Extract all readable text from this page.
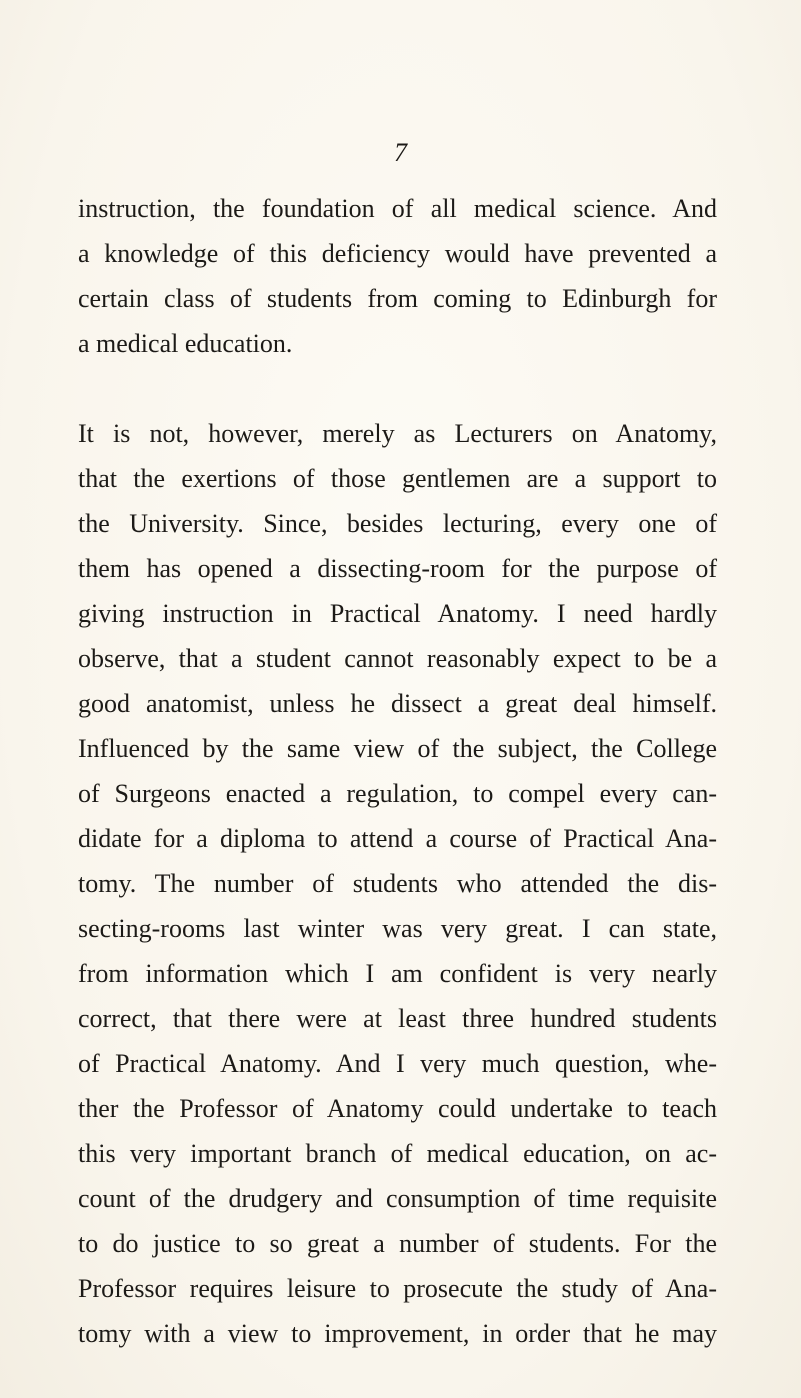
7
instruction, the foundation of all medical science. And
a knowledge of this deficiency would have prevented a
certain class of students from coming to Edinburgh for
a medical education.
It is not, however, merely as Lecturers on Anatomy,
that the exertions of those gentlemen are a support to
the University. Since, besides lecturing, every one of
them has opened a dissecting-room for the purpose of
giving instruction in Practical Anatomy. I need hardly
observe, that a student cannot reasonably expect to be a
good anatomist, unless he dissect a great deal himself.
Influenced by the same view of the subject, the College
of Surgeons enacted a regulation, to compel every can-
didate for a diploma to attend a course of Practical Ana-
tomy. The number of students who attended the dis-
secting-rooms last winter was very great. I can state,
from information which I am confident is very nearly
correct, that there were at least three hundred students
of Practical Anatomy. And I very much question, whe-
ther the Professor of Anatomy could undertake to teach
this very important branch of medical education, on ac-
count of the drudgery and consumption of time requisite
to do justice to so great a number of students. For the
Professor requires leisure to prosecute the study of Ana-
tomy with a view to improvement, in order that he may
